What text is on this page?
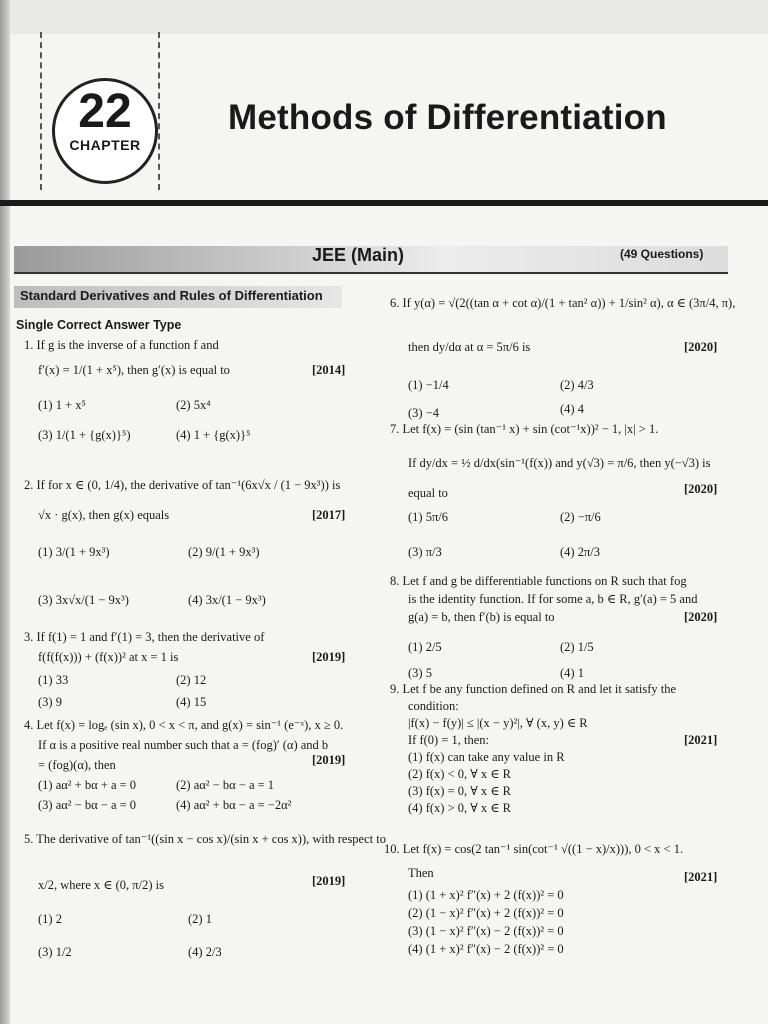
22
CHAPTER
Methods of Differentiation
JEE (Main)	(49 Questions)
Standard Derivatives and Rules of Differentiation
Single Correct Answer Type
1. If g is the inverse of a function f and
f′(x) = 1/(1 + x⁵), then g′(x) is equal to	[2014]
(1) 1 + x⁵	(2) 5x⁴
(3) 1/(1 + {g(x)}⁵)	(4) 1 + {g(x)}⁵
2. If for x ∈ (0, 1/4), the derivative of tan⁻¹(6x√x / (1 − 9x³)) is
√x · g(x), then g(x) equals	[2017]
(1) 3/(1 + 9x³)	(2) 9/(1 + 9x³)
(3) 3x√x/(1 − 9x³)	(4) 3x/(1 − 9x³)
3. If f(1) = 1 and f′(1) = 3, then the derivative of
f(f(f(x))) + (f(x))² at x = 1 is	[2019]
(1) 33	(2) 12
(3) 9	(4) 15
4. Let f(x) = logₑ (sin x), 0 < x < π, and g(x) = sin⁻¹ (e⁻ˣ), x ≥ 0.
If α is a positive real number such that a = (fog)′ (α) and b
= (fog)(α), then	[2019]
(1) aα² + bα + a = 0	(2) aα² − bα − a = 1
(3) aα² − bα − a = 0	(4) aα² + bα − a = −2α²
5. The derivative of tan⁻¹((sin x − cos x)/(sin x + cos x)), with respect to
x/2, where x ∈ (0, π/2) is	[2019]
(1) 2	(2) 1
(3) 1/2	(4) 2/3
6. If y(α) = √(2((tan α + cot α)/(1 + tan² α)) + 1/sin² α), α ∈ (3π/4, π),
then dy/dα at α = 5π/6 is	[2020]
(1) −1/4	(2) 4/3
(3) −4	(4) 4
7. Let f(x) = (sin (tan⁻¹ x) + sin (cot⁻¹x))² − 1, |x| > 1.
If dy/dx = ½ d/dx(sin⁻¹(f(x)) and y(√3) = π/6, then y(−√3) is
equal to	[2020]
(1) 5π/6	(2) −π/6
(3) π/3	(4) 2π/3
8. Let f and g be differentiable functions on R such that fog
is the identity function. If for some a, b ∈ R, g′(a) = 5 and
g(a) = b, then f′(b) is equal to	[2020]
(1) 2/5	(2) 1/5
(3) 5	(4) 1
9. Let f be any function defined on R and let it satisfy the
condition:
|f(x) − f(y)| ≤ |(x − y)²|, ∀ (x, y) ∈ R
If f(0) = 1, then:	[2021]
(1) f(x) can take any value in R
(2) f(x) < 0, ∀ x ∈ R
(3) f(x) = 0, ∀ x ∈ R
(4) f(x) > 0, ∀ x ∈ R
10. Let f(x) = cos(2 tan⁻¹ sin(cot⁻¹ √((1 − x)/x))), 0 < x < 1.
Then	[2021]
(1) (1 + x)² f″(x) + 2 (f(x))² = 0
(2) (1 − x)² f″(x) + 2 (f(x))² = 0
(3) (1 − x)² f″(x) − 2 (f(x))² = 0
(4) (1 + x)² f″(x) − 2 (f(x))² = 0
